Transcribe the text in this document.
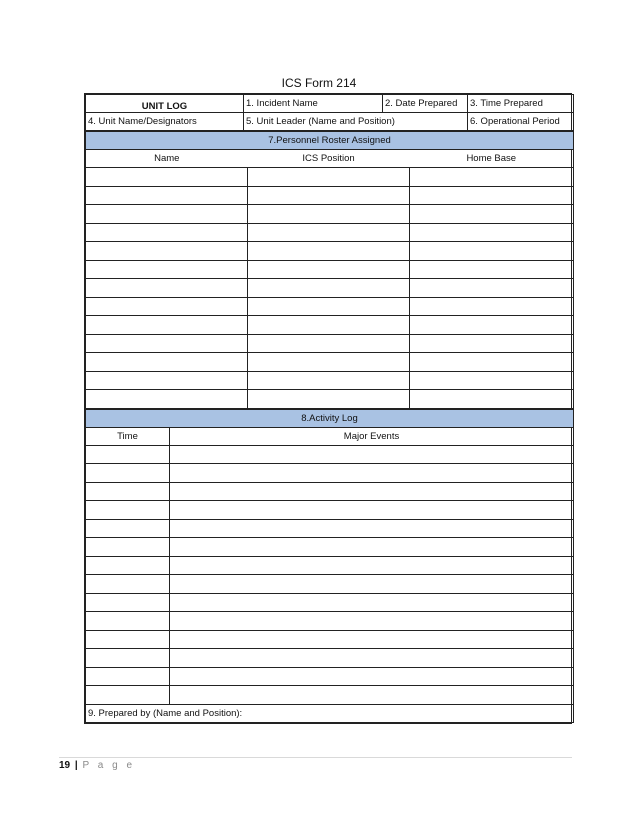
ICS Form 214
UNIT LOG	1. Incident Name	2. Date Prepared	3. Time Prepared
4. Unit Name/Designators	5. Unit Leader (Name and Position)		6. Operational Period
7.Personnel Roster Assigned		
Name	ICS Position	Home Base

8.Activity Log	
Time	Major Events

9. Prepared by (Name and Position):	
19 | P a g e
